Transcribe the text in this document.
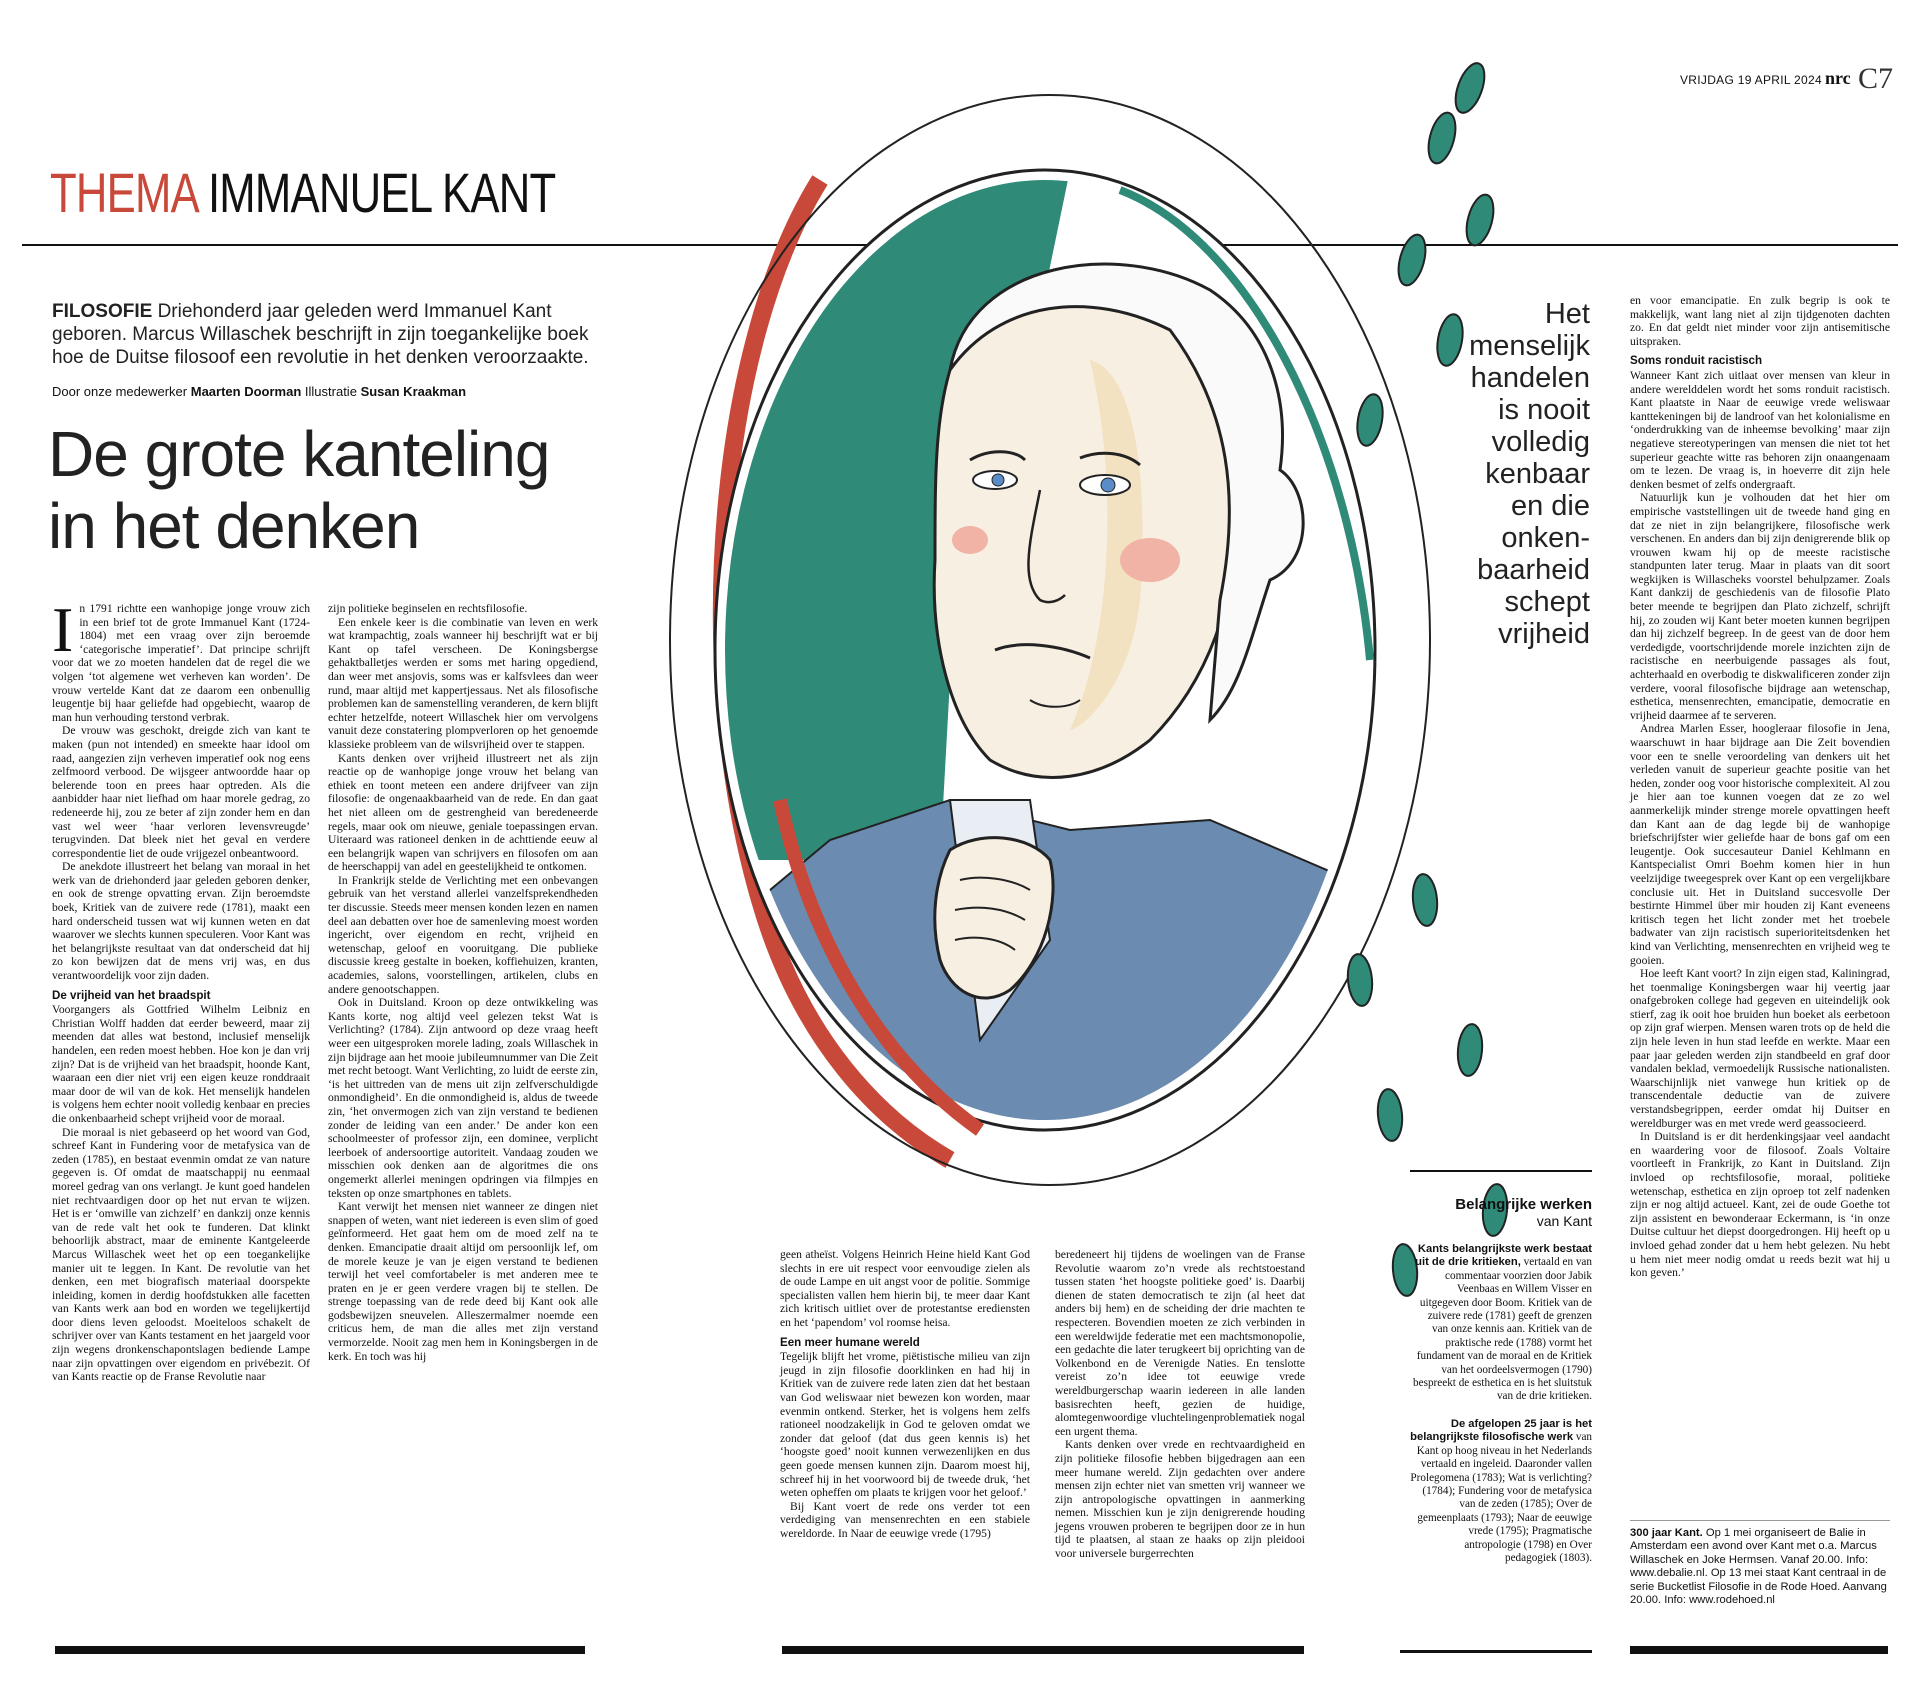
VRIJDAG 19 APRIL 2024 nrc C7
THEMA IMMANUEL KANT
FILOSOFIE Driehonderd jaar geleden werd Immanuel Kant geboren. Marcus Willaschek beschrijft in zijn toegankelijke boek hoe de Duitse filosoof een revolutie in het denken veroorzaakte.
Door onze medewerker Maarten Doorman Illustratie Susan Kraakman
De grote kanteling
in het denken
Het
menselijk
handelen
is nooit
volledig
kenbaar
en die
onken-
baarheid
schept
vrijheid

In 1791 richtte een wanhopige jonge vrouw zich in een brief tot de grote Immanuel Kant (1724-1804) met een vraag over zijn beroemde ‘categorische imperatief’. Dat principe schrijft voor dat we zo moeten handelen dat de regel die we volgen ‘tot algemene wet verheven kan worden’. De vrouw vertelde Kant dat ze daarom een onbenullig leugentje bij haar geliefde had opgebiecht, waarop de man hun verhouding terstond verbrak.

De vrouw was geschokt, dreigde zich van kant te maken (pun not intended) en smeekte haar idool om raad, aangezien zijn verheven imperatief ook nog eens zelfmoord verbood. De wijsgeer antwoordde haar op belerende toon en prees haar optreden. Als die aanbidder haar niet liefhad om haar morele gedrag, zo redeneerde hij, zou ze beter af zijn zonder hem en dan vast wel weer ‘haar verloren levensvreugde’ terugvinden. Dat bleek niet het geval en verdere correspondentie liet de oude vrijgezel onbeantwoord.

De anekdote illustreert het belang van moraal in het werk van de driehonderd jaar geleden geboren denker, en ook de strenge opvatting ervan. Zijn beroemdste boek, Kritiek van de zuivere rede (1781), maakt een hard onderscheid tussen wat wij kunnen weten en dat waarover we slechts kunnen speculeren. Voor Kant was het belangrijkste resultaat van dat onderscheid dat hij zo kon bewijzen dat de mens vrij was, en dus verantwoordelijk voor zijn daden.

De vrijheid van het braadspit

Voorgangers als Gottfried Wilhelm Leibniz en Christian Wolff hadden dat eerder beweerd, maar zij meenden dat alles wat bestond, inclusief menselijk handelen, een reden moest hebben. Hoe kon je dan vrij zijn? Dat is de vrijheid van het braadspit, hoonde Kant, waaraan een dier niet vrij een eigen keuze ronddraait maar door de wil van de kok. Het menselijk handelen is volgens hem echter nooit volledig kenbaar en precies die onkenbaarheid schept vrijheid voor de moraal.

Die moraal is niet gebaseerd op het woord van God, schreef Kant in Fundering voor de metafysica van de zeden (1785), en bestaat evenmin omdat ze van nature gegeven is. Of omdat de maatschappij nu eenmaal moreel gedrag van ons verlangt. Je kunt goed handelen niet rechtvaardigen door op het nut ervan te wijzen. Het is er ‘omwille van zichzelf’ en dankzij onze kennis van de rede valt het ook te funderen. Dat klinkt behoorlijk abstract, maar de eminente Kantgeleerde Marcus Willaschek weet het op een toegankelijke manier uit te leggen. In Kant. De revolutie van het denken, een met biografisch materiaal doorspekte inleiding, komen in derdig hoofdstukken alle facetten van Kants werk aan bod en worden we tegelijkertijd door diens leven geloodst. Moeiteloos schakelt de schrijver over van Kants testament en het jaargeld voor zijn wegens dronkenschapontslagen bediende Lampe naar zijn opvattingen over eigendom en privébezit. Of van Kants reactie op de Franse Revolutie naar

zijn politieke beginselen en rechtsfilosofie.

Een enkele keer is die combinatie van leven en werk wat krampachtig, zoals wanneer hij beschrijft wat er bij Kant op tafel verscheen. De Koningsbergse gehaktballetjes werden er soms met haring opgediend, dan weer met ansjovis, soms was er kalfsvlees dan weer rund, maar altijd met kappertjessaus. Net als filosofische problemen kan de samenstelling veranderen, de kern blijft echter hetzelfde, noteert Willaschek hier om vervolgens vanuit deze constatering plompverloren op het genoemde klassieke probleem van de wilsvrijheid over te stappen.

Kants denken over vrijheid illustreert net als zijn reactie op de wanhopige jonge vrouw het belang van ethiek en toont meteen een andere drijfveer van zijn filosofie: de ongenaakbaarheid van de rede. En dan gaat het niet alleen om de gestrengheid van beredeneerde regels, maar ook om nieuwe, geniale toepassingen ervan. Uiteraard was rationeel denken in de achttiende eeuw al een belangrijk wapen van schrijvers en filosofen om aan de heerschappij van adel en geestelijkheid te ontkomen.

In Frankrijk stelde de Verlichting met een onbevangen gebruik van het verstand allerlei vanzelfsprekendheden ter discussie. Steeds meer mensen konden lezen en namen deel aan debatten over hoe de samenleving moest worden ingericht, over eigendom en recht, vrijheid en wetenschap, geloof en vooruitgang. Die publieke discussie kreeg gestalte in boeken, koffiehuizen, kranten, academies, salons, voorstellingen, artikelen, clubs en andere genootschappen.

Ook in Duitsland. Kroon op deze ontwikkeling was Kants korte, nog altijd veel gelezen tekst Wat is Verlichting? (1784). Zijn antwoord op deze vraag heeft weer een uitgesproken morele lading, zoals Willaschek in zijn bijdrage aan het mooie jubileumnummer van Die Zeit met recht betoogt. Want Verlichting, zo luidt de eerste zin, ‘is het uittreden van de mens uit zijn zelfverschuldigde onmondigheid’. En die onmondigheid is, aldus de tweede zin, ‘het onvermogen zich van zijn verstand te bedienen zonder de leiding van een ander.’ De ander kon een schoolmeester of professor zijn, een dominee, verplicht leerboek of andersoortige autoriteit. Vandaag zouden we misschien ook denken aan de algoritmes die ons ongemerkt allerlei meningen opdringen via filmpjes en teksten op onze smartphones en tablets.

Kant verwijt het mensen niet wanneer ze dingen niet snappen of weten, want niet iedereen is even slim of goed geïnformeerd. Het gaat hem om de moed zelf na te denken. Emancipatie draait altijd om persoonlijk lef, om de morele keuze je van je eigen verstand te bedienen terwijl het veel comfortabeler is met anderen mee te praten en je er geen verdere vragen bij te stellen. De strenge toepassing van de rede deed bij Kant ook alle godsbewijzen sneuvelen. Alleszermalmer noemde een criticus hem, de man die alles met zijn verstand vermorzelde. Nooit zag men hem in Koningsbergen in de kerk. En toch was hij

geen atheïst. Volgens Heinrich Heine hield Kant God slechts in ere uit respect voor eenvoudige zielen als de oude Lampe en uit angst voor de politie. Sommige specialisten vallen hem hierin bij, te meer daar Kant zich kritisch uitliet over de protestantse erediensten en het ‘papendom’ vol roomse heisa.

Een meer humane wereld

Tegelijk blijft het vrome, piëtistische milieu van zijn jeugd in zijn filosofie doorklinken en had hij in Kritiek van de zuivere rede laten zien dat het bestaan van God weliswaar niet bewezen kon worden, maar evenmin ontkend. Sterker, het is volgens hem zelfs rationeel noodzakelijk in God te geloven omdat we zonder dat geloof (dat dus geen kennis is) het ‘hoogste goed’ nooit kunnen verwezenlijken en dus geen goede mensen kunnen zijn. Daarom moest hij, schreef hij in het voorwoord bij de tweede druk, ‘het weten opheffen om plaats te krijgen voor het geloof.’

Bij Kant voert de rede ons verder tot een verdediging van mensenrechten en een stabiele wereldorde. In Naar de eeuwige vrede (1795)

beredeneert hij tijdens de woelingen van de Franse Revolutie waarom zo’n vrede als rechtstoestand tussen staten ‘het hoogste politieke goed’ is. Daarbij dienen de staten democratisch te zijn (al heet dat anders bij hem) en de scheiding der drie machten te respecteren. Bovendien moeten ze zich verbinden in een wereldwijde federatie met een machtsmonopolie, een gedachte die later terugkeert bij oprichting van de Volkenbond en de Verenigde Naties. En tenslotte vereist zo’n idee tot eeuwige vrede wereldburgerschap waarin iedereen in alle landen basisrechten heeft, gezien de huidige, alomtegenwoordige vluchtelingenproblematiek nogal een urgent thema.

Kants denken over vrede en rechtvaardigheid en zijn politieke filosofie hebben bijgedragen aan een meer humane wereld. Zijn gedachten over andere mensen zijn echter niet van smetten vrij wanneer we zijn antropologische opvattingen in aanmerking nemen. Misschien kun je zijn denigrerende houding jegens vrouwen proberen te begrijpen door ze in hun tijd te plaatsen, al staan ze haaks op zijn pleidooi voor universele burgerrechten

Belangrijke werken
van Kant

Kants belangrijkste werk bestaat uit de drie kritieken, vertaald en van commentaar voorzien door Jabik Veenbaas en Willem Visser en uitgegeven door Boom. Kritiek van de zuivere rede (1781) geeft de grenzen van onze kennis aan. Kritiek van de praktische rede (1788) vormt het fundament van de moraal en de Kritiek van het oordeelsvermogen (1790) bespreekt de esthetica en is het sluitstuk van de drie kritieken.

De afgelopen 25 jaar is het belangrijkste filosofische werk van Kant op hoog niveau in het Nederlands vertaald en ingeleid. Daaronder vallen Prolegomena (1783); Wat is verlichting? (1784); Fundering voor de metafysica van de zeden (1785); Over de gemeenplaats (1793); Naar de eeuwige vrede (1795); Pragmatische antropologie (1798) en Over pedagogiek (1803).

en voor emancipatie. En zulk begrip is ook te makkelijk, want lang niet al zijn tijdgenoten dachten zo. En dat geldt niet minder voor zijn antisemitische uitspraken.

Soms ronduit racistisch

Wanneer Kant zich uitlaat over mensen van kleur in andere werelddelen wordt het soms ronduit racistisch. Kant plaatste in Naar de eeuwige vrede weliswaar kanttekeningen bij de landroof van het kolonialisme en ‘onderdrukking van de inheemse bevolking’ maar zijn negatieve stereotyperingen van mensen die niet tot het superieur geachte witte ras behoren zijn onaangenaam om te lezen. De vraag is, in hoeverre dit zijn hele denken besmet of zelfs ondergraaft.

Natuurlijk kun je volhouden dat het hier om empirische vaststellingen uit de tweede hand ging en dat ze niet in zijn belangrijkere, filosofische werk verschenen. En anders dan bij zijn denigrerende blik op vrouwen kwam hij op de meeste racistische standpunten later terug. Maar in plaats van dit soort wegkijken is Willascheks voorstel behulpzamer. Zoals Kant dankzij de geschiedenis van de filosofie Plato beter meende te begrijpen dan Plato zichzelf, schrijft hij, zo zouden wij Kant beter moeten kunnen begrijpen dan hij zichzelf begreep. In de geest van de door hem verdedigde, voortschrijdende morele inzichten zijn de racistische en neerbuigende passages als fout, achterhaald en overbodig te diskwalificeren zonder zijn verdere, vooral filosofische bijdrage aan wetenschap, esthetica, mensenrechten, emancipatie, democratie en vrijheid daarmee af te serveren.

Andrea Marlen Esser, hoogleraar filosofie in Jena, waarschuwt in haar bijdrage aan Die Zeit bovendien voor een te snelle veroordeling van denkers uit het verleden vanuit de superieur geachte positie van het heden, zonder oog voor historische complexiteit. Al zou je hier aan toe kunnen voegen dat ze zo wel aanmerkelijk minder strenge morele opvattingen heeft dan Kant aan de dag legde bij de wanhopige briefschrijfster wier geliefde haar de bons gaf om een leugentje. Ook succesauteur Daniel Kehlmann en Kantspecialist Omri Boehm komen hier in hun veelzijdige tweegesprek over Kant op een vergelijkbare conclusie uit. Het in Duitsland succesvolle Der bestirnte Himmel über mir houden zij Kant eveneens kritisch tegen het licht zonder met het troebele badwater van zijn racistisch superioriteitsdenken het kind van Verlichting, mensenrechten en vrijheid weg te gooien.

Hoe leeft Kant voort? In zijn eigen stad, Kaliningrad, het toenmalige Koningsbergen waar hij veertig jaar onafgebroken college had gegeven en uiteindelijk ook stierf, zag ik ooit hoe bruiden hun boeket als eerbetoon op zijn graf wierpen. Mensen waren trots op de held die zijn hele leven in hun stad leefde en werkte. Maar een paar jaar geleden werden zijn standbeeld en graf door vandalen beklad, vermoedelijk Russische nationalisten. Waarschijnlijk niet vanwege hun kritiek op de transcendentale deductie van de zuivere verstandsbegrippen, eerder omdat hij Duitser en wereldburger was en met vrede werd geassocieerd.

In Duitsland is er dit herdenkingsjaar veel aandacht en waardering voor de filosoof. Zoals Voltaire voortleeft in Frankrijk, zo Kant in Duitsland. Zijn invloed op rechtsfilosofie, moraal, politieke wetenschap, esthetica en zijn oproep tot zelf nadenken zijn er nog altijd actueel. Kant, zei de oude Goethe tot zijn assistent en bewonderaar Eckermann, is ‘in onze Duitse cultuur het diepst doorgedrongen. Hij heeft op u invloed gehad zonder dat u hem hebt gelezen. Nu hebt u hem niet meer nodig omdat u reeds bezit wat hij u kon geven.’

300 jaar Kant. Op 1 mei organiseert de Balie in Amsterdam een avond over Kant met o.a. Marcus Willaschek en Joke Hermsen. Vanaf 20.00. Info: www.debalie.nl. Op 13 mei staat Kant centraal in de serie Bucketlist Filosofie in de Rode Hoed. Aanvang 20.00. Info: www.rodehoed.nl
